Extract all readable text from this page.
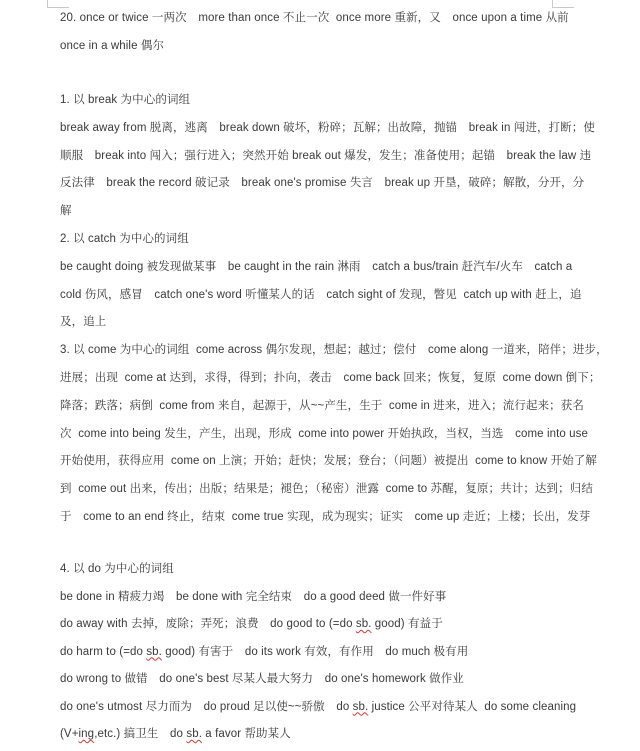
20. once or twice 一两次　more than once 不止一次  once more 重新，又　once upon a time 从前
once in a while 偶尔
1. 以 break 为中心的词组
break away from 脱离，逃离　break down 破坏，粉碎；瓦解；出故障，抛锚　break in 闯进，打断；使
顺服　break into 闯入；强行进入；突然开始 break out 爆发，发生；准备使用；起锚　break the law 违
反法律　break the record 破记录　break one's promise 失言　break up 开垦，破碎；解散，分开，分
解
2. 以 catch 为中心的词组
be caught doing 被发现做某事　be caught in the rain 淋雨　catch a bus/train 赶汽车/火车　catch a
cold 伤风，感冒　catch one's word 听懂某人的话　catch sight of 发现，瞥见  catch up with 赶上，追
及，追上
3. 以 come 为中心的词组  come across 偶尔发现，想起；越过；偿付　come along 一道来，陪伴；进步，
进展；出现  come at 达到，求得，得到；扑向，袭击　come back 回来；恢复，复原  come down 倒下；
降落；跌落；病倒  come from 来自，起源于，从~~产生，生于  come in 进来，进入；流行起来；获名
次  come into being 发生，产生，出现，形成  come into power 开始执政，当权，当选　come into use
开始使用，获得应用  come on 上演；开始；赶快；发展；登台；（问题）被提出  come to know 开始了解
到  come out 出来，传出；出版；结果是；褪色；（秘密）泄露  come to 苏醒，复原；共计；达到；归结
于　come to an end 终止，结束  come true 实现，成为现实；证实　come up 走近；上楼；长出，发芽
4. 以 do 为中心的词组
be done in 精疲力竭　be done with 完全结束　do a good deed 做一件好事
do away with 去掉，废除；弄死；浪费　do good to (=do sb. good) 有益于
do harm to (=do sb. good) 有害于　do its work 有效，有作用　do much 极有用
do wrong to 做错　do one's best 尽某人最大努力　do one's homework 做作业
do one's utmost 尽力而为　do proud 足以使~~骄傲　do sb. justice 公平对待某人  do some cleaning
(V+ing,etc.) 搞卫生　do sb. a favor 帮助某人
